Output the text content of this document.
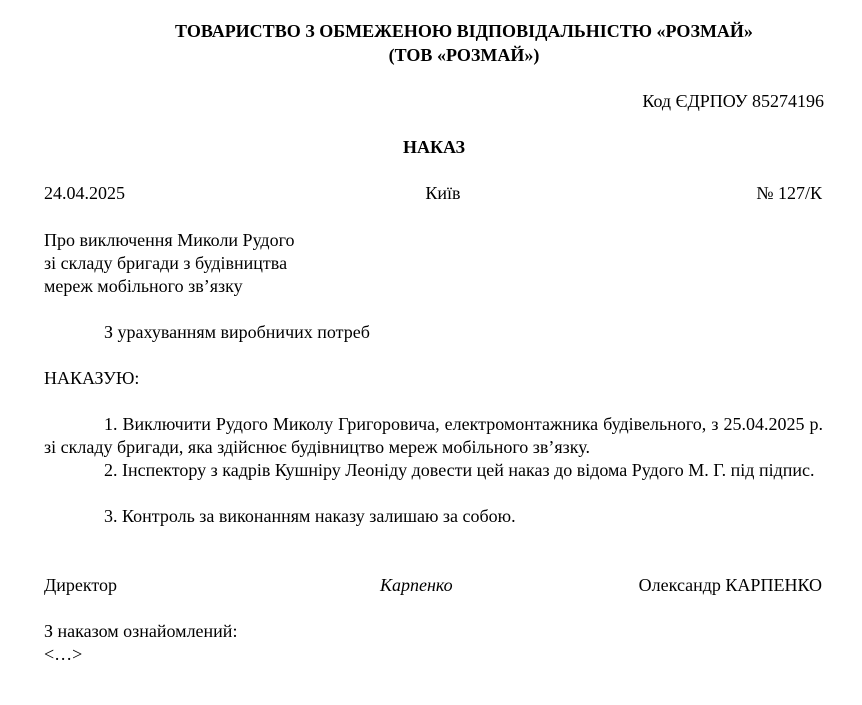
ТОВАРИСТВО З ОБМЕЖЕНОЮ ВІДПОВІДАЛЬНІСТЮ «РОЗМАЙ»
(ТОВ «РОЗМАЙ»)
Код ЄДРПОУ 85274196
НАКАЗ
24.04.2025	Київ	№ 127/К
Про виключення Миколи Рудого
зі складу бригади з будівництва
мереж мобільного зв’язку
З урахуванням виробничих потреб
НАКАЗУЮ:
1. Виключити Рудого Миколу Григоровича, електромонтажника будівельного, з 25.04.2025 р. зі складу бригади, яка здійснює будівництво мереж мобільного зв’язку.
2. Інспектору з кадрів Кушніру Леоніду довести цей наказ до відома Рудого М. Г. під підпис.
3. Контроль за виконанням наказу залишаю за собою.
Директор	Карпенко	Олександр КАРПЕНКО
З наказом ознайомлений:
<…>
